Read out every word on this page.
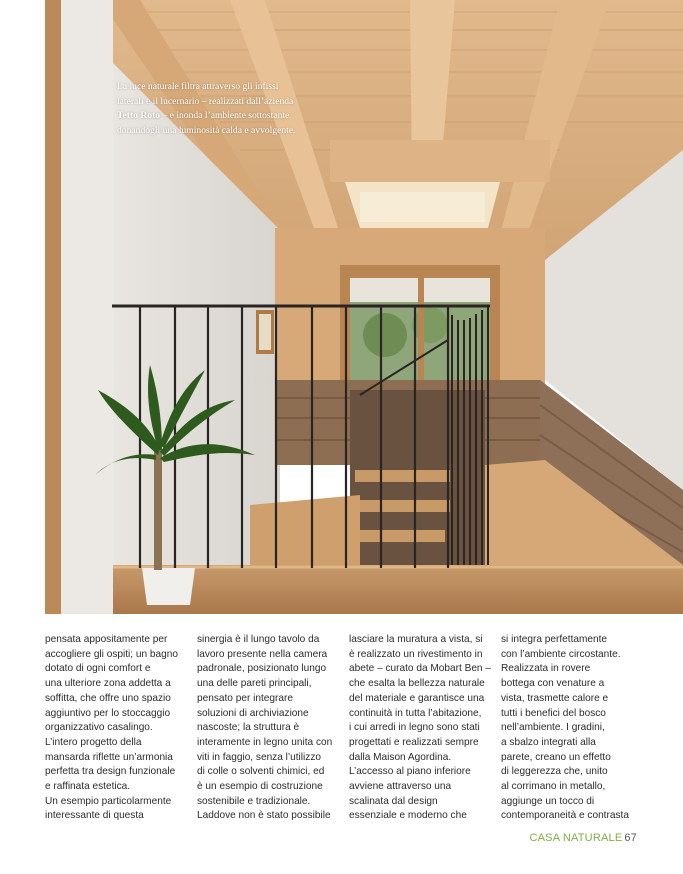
La luce naturale filtra attraverso gli infissi
laterali e il lucernario – realizzati dall’azienda
Tetto Roto – e inonda l’ambiente sottostante
donandogli una luminosità calda e avvolgente.
pensata appositamente per
accogliere gli ospiti; un bagno
dotato di ogni comfort e
una ulteriore zona addetta a
soffitta, che offre uno spazio
aggiuntivo per lo stoccaggio
organizzativo casalingo.
L’intero progetto della
mansarda riflette un’armonia
perfetta tra design funzionale
e raffinata estetica.
Un esempio particolarmente
interessante di questa
sinergia è il lungo tavolo da
lavoro presente nella camera
padronale, posizionato lungo
una delle pareti principali,
pensato per integrare
soluzioni di archiviazione
nascoste; la struttura è
interamente in legno unita con
viti in faggio, senza l’utilizzo
di colle o solventi chimici, ed
è un esempio di costruzione
sostenibile e tradizionale.
Laddove non è stato possibile
lasciare la muratura a vista, si
è realizzato un rivestimento in
abete – curato da Mobart Ben –
che esalta la bellezza naturale
del materiale e garantisce una
continuità in tutta l’abitazione,
i cui arredi in legno sono stati
progettati e realizzati sempre
dalla Maison Agordina.
L’accesso al piano inferiore
avviene attraverso una
scalinata dal design
essenziale e moderno che
si integra perfettamente
con l’ambiente circostante.
Realizzata in rovere
bottega con venature a
vista, trasmette calore e
tutti i benefici del bosco
nell’ambiente. I gradini,
a sbalzo integrati alla
parete, creano un effetto
di leggerezza che, unito
al corrimano in metallo,
aggiunge un tocco di
contemporaneità e contrasta
CASA NATURALE 67
